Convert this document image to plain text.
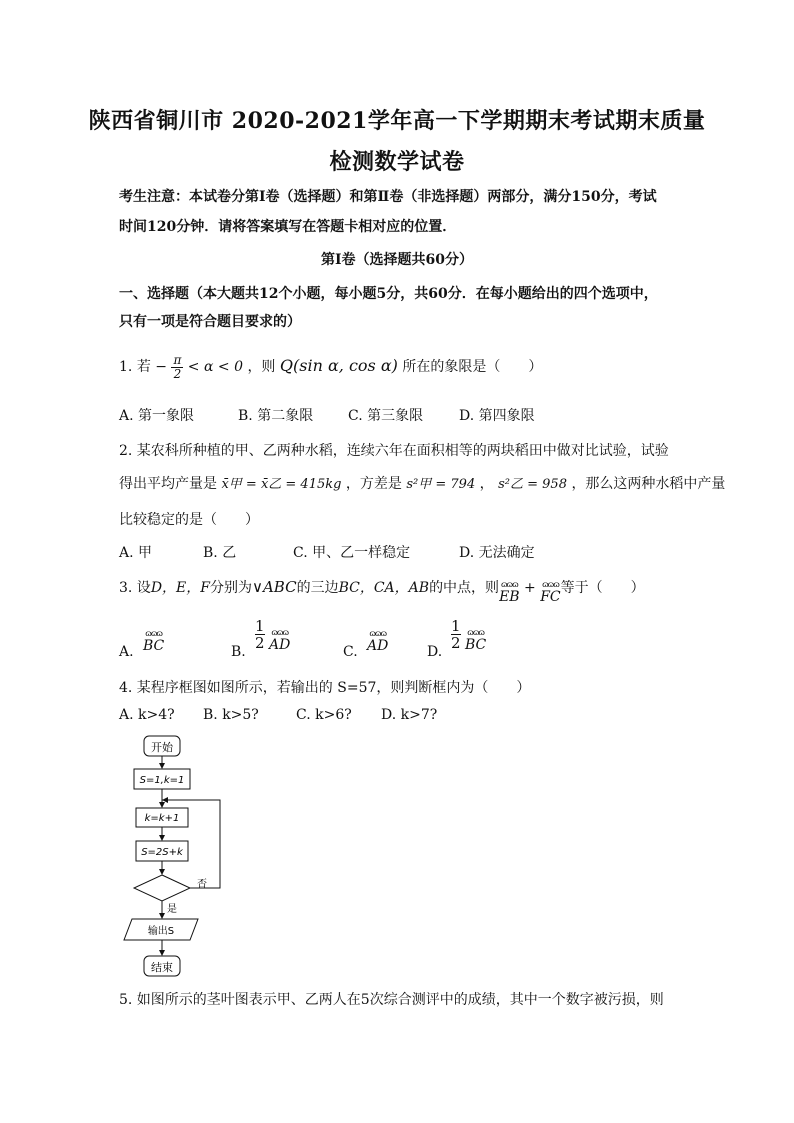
陕西省铜川市 2020-2021学年高一下学期期末考试期末质量
检测数学试卷
考生注意：本试卷分第Ⅰ卷（选择题）和第Ⅱ卷（非选择题）两部分，满分150分，考试
时间120分钟．请将答案填写在答题卡相对应的位置．
第Ⅰ卷（选择题共60分）
一、选择题（本大题共12个小题，每小题5分，共60分．在每小题给出的四个选项中，
只有一项是符合题目要求的）
1. 若 − $\frac{\pi}{2} < \alpha < 0$ ，则 Q(sin α, cos α) 所在的象限是（　　）
A. 第一象限	B. 第二象限 C. 第三象限	D. 第四象限
2. 某农科所种植的甲、乙两种水稻，连续六年在面积相等的两块稻田中做对比试验，试验
得出平均产量是 x̄甲 = x̄乙 = 415kg ，方差是 s²甲 = 794 ， s²乙 = 958 ，那么这两种水稻中产量
比较稳定的是（　　）
A. 甲	B. 乙	C. 甲、乙一样稳定	D. 无法确定
3. 设D，E，F分别为∨ABC的三边BC，CA，AB的中点，则 ɷɷɷ
EB
+ ɷɷɷ
FC
等于（　　）
A.
ɷɷɷ
BC	B.
$\frac{1}{2}$ ɷɷɷ
AD	C.
ɷɷɷ
AD	D.
$\frac{1}{2}$ ɷɷɷ
BC
4. 某程序框图如图所示，若输出的 S=57，则判断框内为（　　）
A. k>4? B. k>5?	C. k>6? D. k>7?
开始
S=1,k=1
k=k+1
S=2S+k
否
是
输出S
结束
5. 如图所示的茎叶图表示甲、乙两人在5次综合测评中的成绩，其中一个数字被污损，则
